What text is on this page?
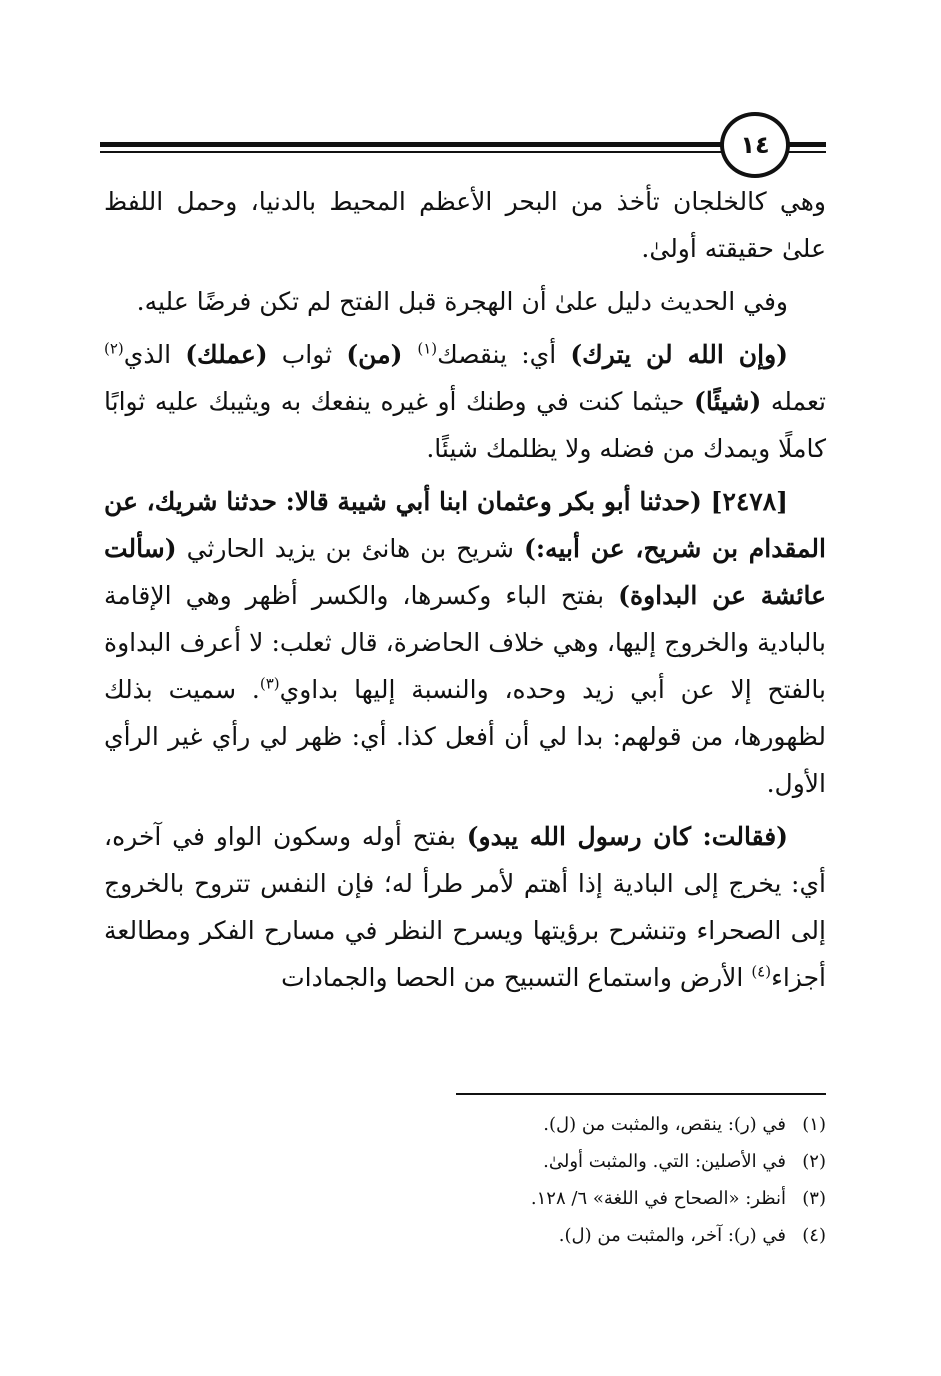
١٤

وهي كالخلجان تأخذ من البحر الأعظم المحيط بالدنيا، وحمل اللفظ علىٰ حقيقته أولىٰ.

وفي الحديث دليل علىٰ أن الهجرة قبل الفتح لم تكن فرضًا عليه.

(وإن الله لن يترك) أي: ينقصك$^{(١)}$ (من) ثواب (عملك) الذي$^{(٢)}$ تعمله (شيئًا) حيثما كنت في وطنك أو غيره ينفعك به ويثيبك عليه ثوابًا كاملًا ويمدك من فضله ولا يظلمك شيئًا.

[٢٤٧٨] (حدثنا أبو بكر وعثمان ابنا أبي شيبة قالا: حدثنا شريك، عن المقدام بن شريح، عن أبيه:) شريح بن هانئ بن يزيد الحارثي (سألت عائشة عن البداوة) بفتح الباء وكسرها، والكسر أظهر وهي الإقامة بالبادية والخروج إليها، وهي خلاف الحاضرة، قال ثعلب: لا أعرف البداوة بالفتح إلا عن أبي زيد وحده، والنسبة إليها بداوي$^{(٣)}$. سميت بذلك لظهورها، من قولهم: بدا لي أن أفعل كذا. أي: ظهر لي رأي غير الرأي الأول.

(فقالت: كان رسول الله يبدو) بفتح أوله وسكون الواو في آخره، أي: يخرج إلى البادية إذا أهتم لأمر طرأ له؛ فإن النفس تتروح بالخروج إلى الصحراء وتنشرح برؤيتها ويسرح النظر في مسارح الفكر ومطالعة أجزاء$^{(٤)}$ الأرض واستماع التسبيح من الحصا والجمادات

(١)في (ر): ينقص، والمثبت من (ل).
(٢)في الأصلين: التي. والمثبت أولىٰ.
(٣)أنظر: «الصحاح في اللغة» ٦/ ١٢٨.
(٤)في (ر): آخر، والمثبت من (ل).
